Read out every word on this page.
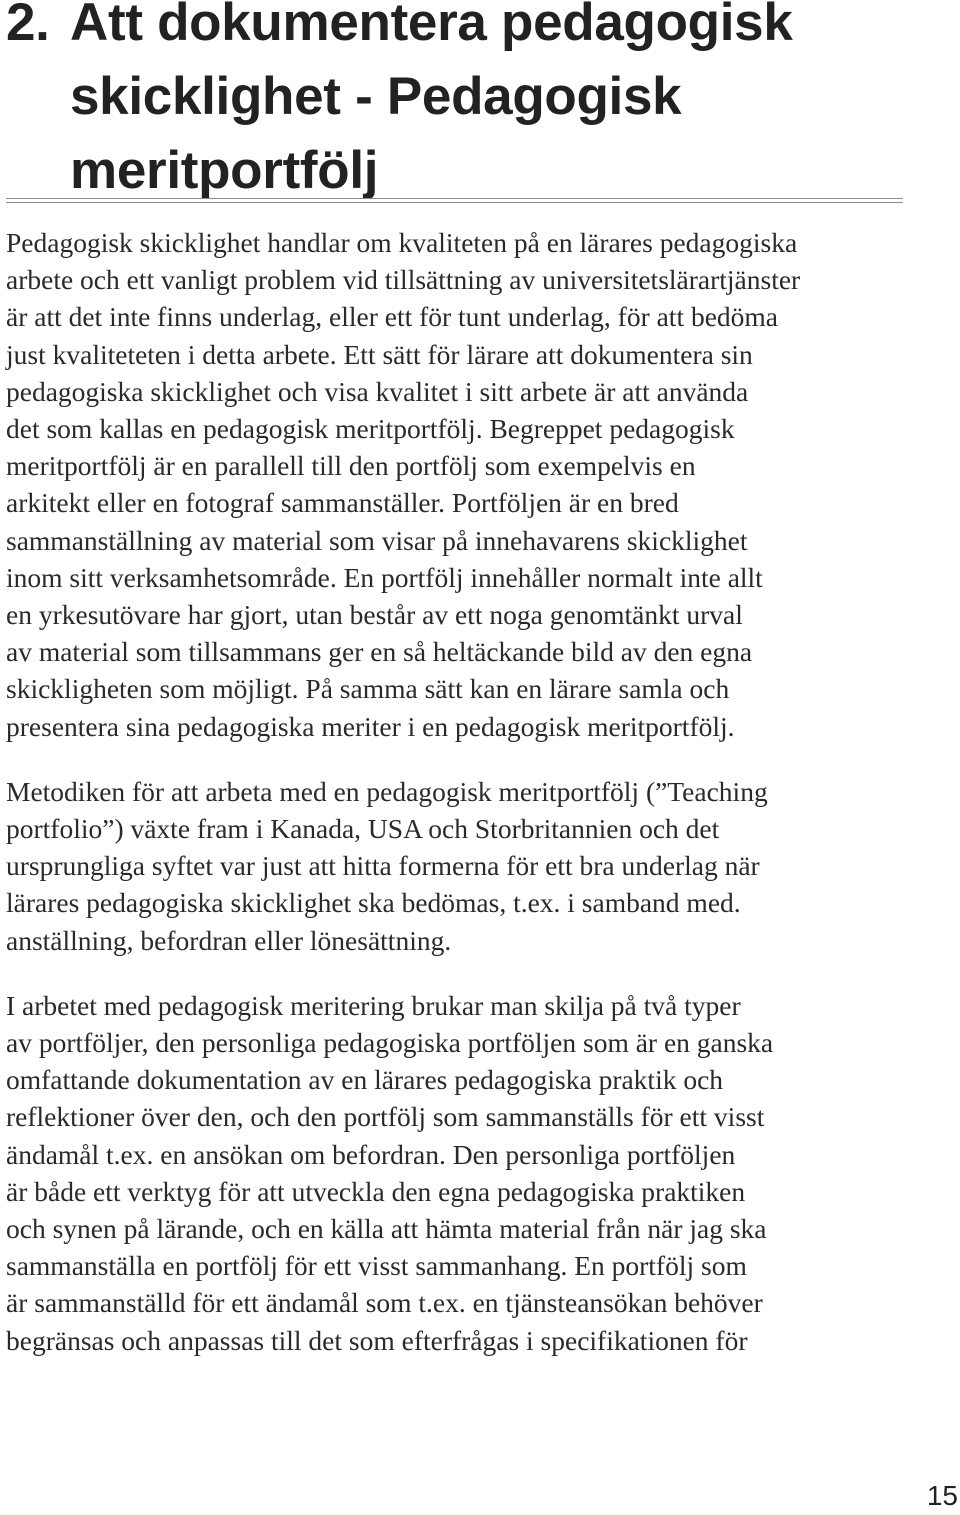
2. Att dokumentera pedagogisk
skicklighet - Pedagogisk
meritportfölj

Pedagogisk skicklighet handlar om kvaliteten på en lärares pedagogiska
arbete och ett vanligt problem vid tillsättning av universitetslärartjänster
är att det inte finns underlag, eller ett för tunt underlag, för att bedöma
just kvaliteteten i detta arbete. Ett sätt för lärare att dokumentera sin
pedagogiska skicklighet och visa kvalitet i sitt arbete är att använda
det som kallas en pedagogisk meritportfölj. Begreppet pedagogisk
meritportfölj är en parallell till den portfölj som exempelvis en
arkitekt eller en fotograf sammanställer. Portföljen är en bred
sammanställning av material som visar på innehavarens skicklighet
inom sitt verksamhetsområde. En portfölj innehåller normalt inte allt
en yrkesutövare har gjort, utan består av ett noga genomtänkt urval
av material som tillsammans ger en så heltäckande bild av den egna
skickligheten som möjligt. På samma sätt kan en lärare samla och
presentera sina pedagogiska meriter i en pedagogisk meritportfölj.

Metodiken för att arbeta med en pedagogisk meritportfölj (”Teaching
portfolio”) växte fram i Kanada, USA och Storbritannien och det
ursprungliga syftet var just att hitta formerna för ett bra underlag när
lärares pedagogiska skicklighet ska bedömas, t.ex. i samband med.
anställning, befordran eller lönesättning.

I arbetet med pedagogisk meritering brukar man skilja på två typer
av portföljer, den personliga pedagogiska portföljen som är en ganska
omfattande dokumentation av en lärares pedagogiska praktik och
reflektioner över den, och den portfölj som sammanställs för ett visst
ändamål t.ex. en ansökan om befordran. Den personliga portföljen
är både ett verktyg för att utveckla den egna pedagogiska praktiken
och synen på lärande, och en källa att hämta material från när jag ska
sammanställa en portfölj för ett visst sammanhang. En portfölj som
är sammanställd för ett ändamål som t.ex. en tjänsteansökan behöver
begränsas och anpassas till det som efterfrågas i specifikationen för

15
